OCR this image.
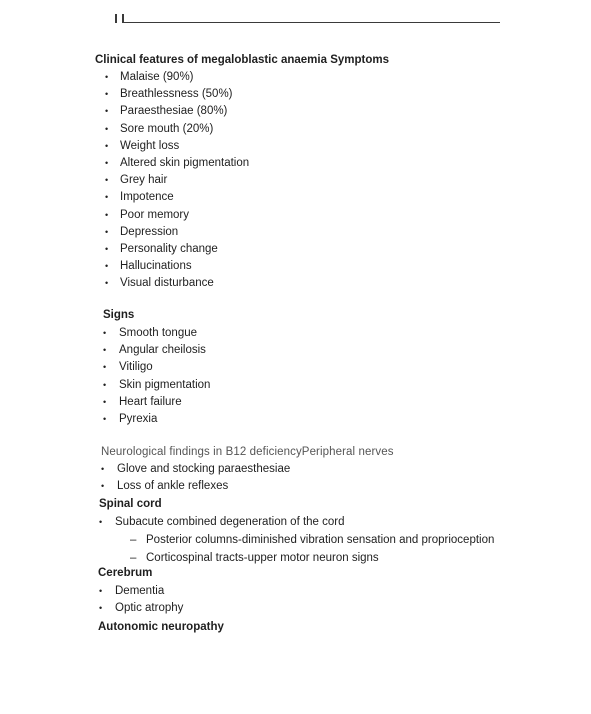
Clinical features of megaloblastic anaemia Symptoms
• Malaise (90%)
• Breathlessness (50%)
• Paraesthesiae (80%)
• Sore mouth (20%)
• Weight loss
• Altered skin pigmentation
• Grey hair
• Impotence
• Poor memory
• Depression
• Personality change
• Hallucinations
• Visual disturbance
Signs
• Smooth tongue
• Angular cheilosis
• Vitiligo
• Skin pigmentation
• Heart failure
• Pyrexia

Neurological findings in B12 deficiencyPeripheral nerves

• Glove and stocking paraesthesiae
• Loss of ankle reflexes
Spinal cord
• Subacute combined degeneration of the cord
– Posterior columns-diminished vibration sensation and proprioception
– Corticospinal tracts-upper motor neuron signs
Cerebrum
• Dementia
• Optic atrophy
Autonomic neuropathy
